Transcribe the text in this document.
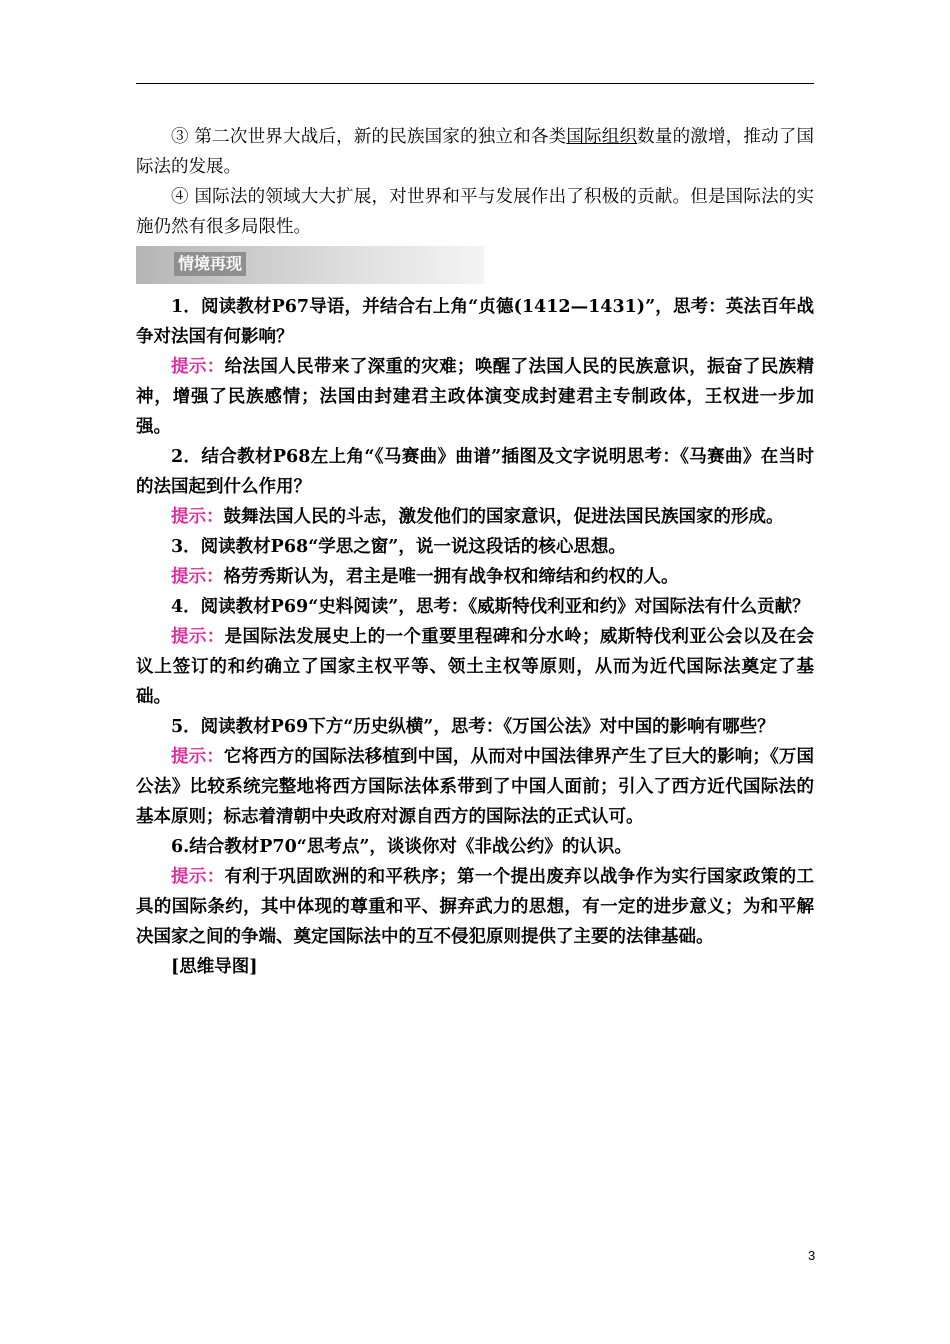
③ 第二次世界大战后，新的民族国家的独立和各类国际组织数量的激增，推动了国际法的发展。

④ 国际法的领域大大扩展，对世界和平与发展作出了积极的贡献。但是国际法的实施仍然有很多局限性。

情境再现

1．阅读教材P67导语，并结合右上角“贞德(1412—1431)”，思考：英法百年战争对法国有何影响？

提示：给法国人民带来了深重的灾难；唤醒了法国人民的民族意识，振奋了民族精神，增强了民族感情；法国由封建君主政体演变成封建君主专制政体，王权进一步加强。

2．结合教材P68左上角“《马赛曲》曲谱”插图及文字说明思考：《马赛曲》在当时的法国起到什么作用？

提示：鼓舞法国人民的斗志，激发他们的国家意识，促进法国民族国家的形成。

3．阅读教材P68“学思之窗”，说一说这段话的核心思想。

提示：格劳秀斯认为，君主是唯一拥有战争权和缔结和约权的人。

4．阅读教材P69“史料阅读”，思考：《威斯特伐利亚和约》对国际法有什么贡献？

提示：是国际法发展史上的一个重要里程碑和分水岭；威斯特伐利亚公会以及在会议上签订的和约确立了国家主权平等、领土主权等原则，从而为近代国际法奠定了基础。

5．阅读教材P69下方“历史纵横”，思考：《万国公法》对中国的影响有哪些？

提示：它将西方的国际法移植到中国，从而对中国法律界产生了巨大的影响；《万国公法》比较系统完整地将西方国际法体系带到了中国人面前；引入了西方近代国际法的基本原则；标志着清朝中央政府对源自西方的国际法的正式认可。

6.结合教材P70“思考点”，谈谈你对《非战公约》的认识。

提示：有利于巩固欧洲的和平秩序；第一个提出废弃以战争作为实行国家政策的工具的国际条约，其中体现的尊重和平、摒弃武力的思想，有一定的进步意义；为和平解决国家之间的争端、奠定国际法中的互不侵犯原则提供了主要的法律基础。

[思维导图]

3
